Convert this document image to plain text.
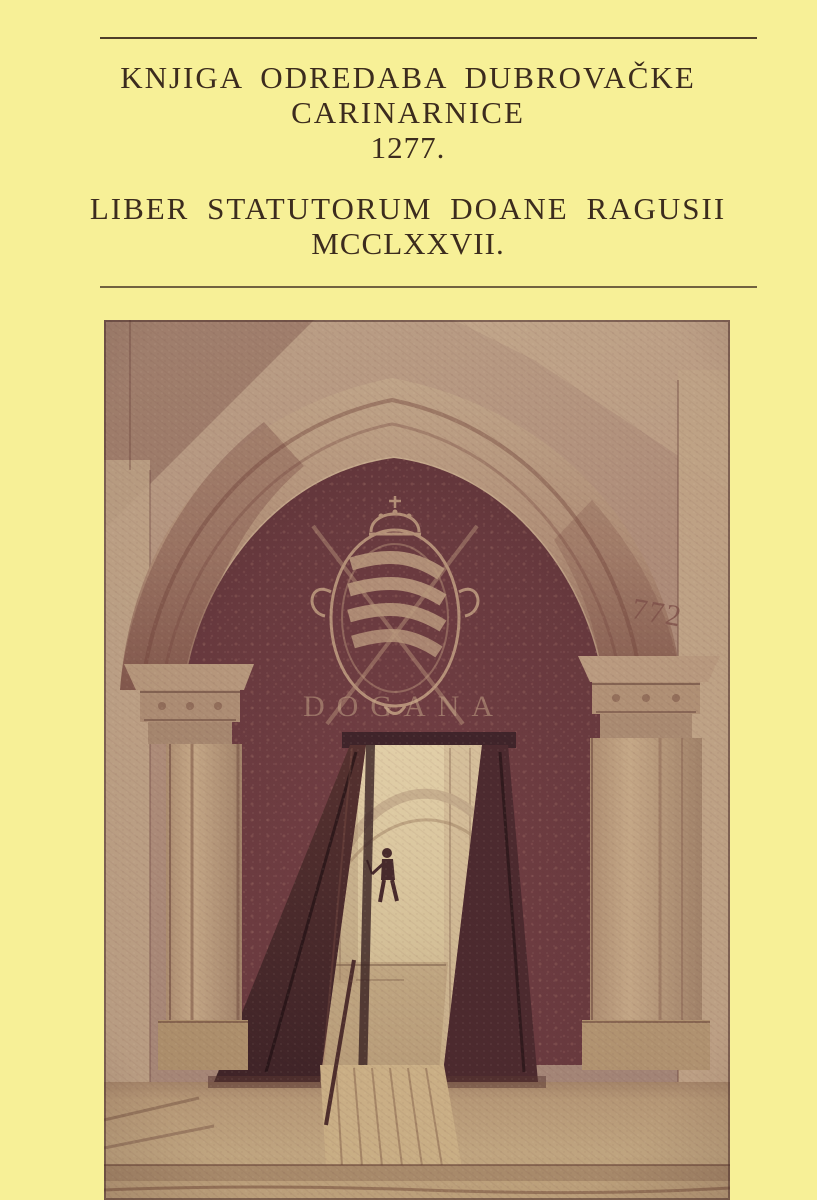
KNJIGA ODREDABA DUBROVAČKE
CARINARNICE
1277.
LIBER STATUTORUM DOANE RAGUSII
MCCLXXVII.
